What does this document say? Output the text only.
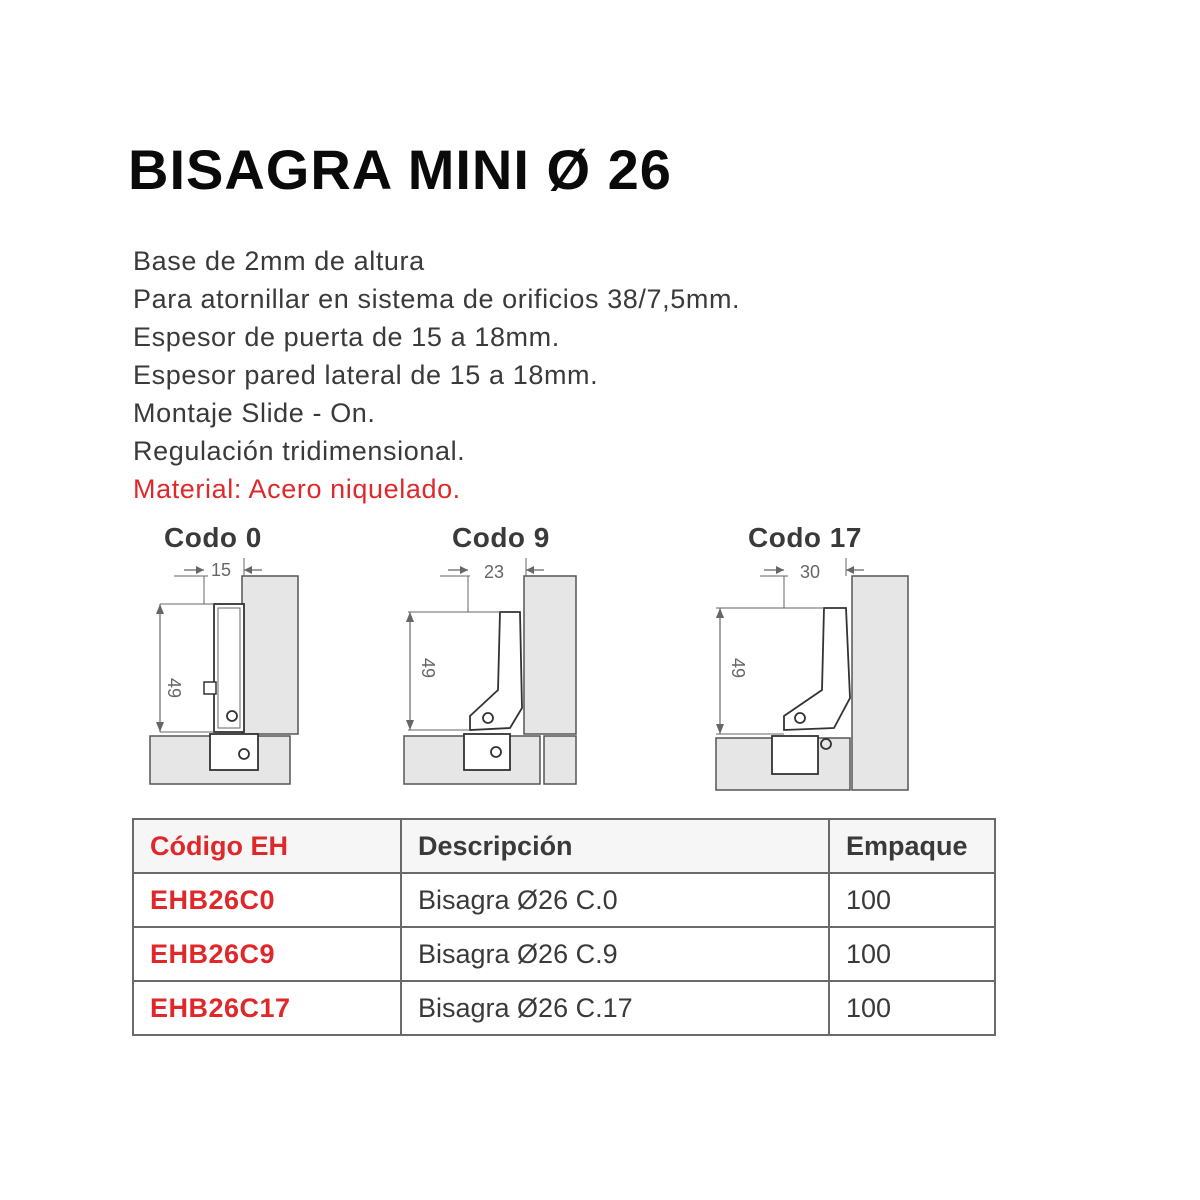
BISAGRA MINI Ø 26
Base de 2mm de altura
Para atornillar en sistema de orificios 38/7,5mm.
Espesor de puerta de 15 a 18mm.
Espesor pared lateral de 15 a 18mm.
Montaje Slide - On.
Regulación tridimensional.
Material: Acero niquelado.
Codo 0
15
49
Codo 9
23
49
Codo 17
30
49
Código EH	Descripción	Empaque
EHB26C0	Bisagra Ø26 C.0	100
EHB26C9	Bisagra Ø26 C.9	100
EHB26C17	Bisagra Ø26 C.17	100
